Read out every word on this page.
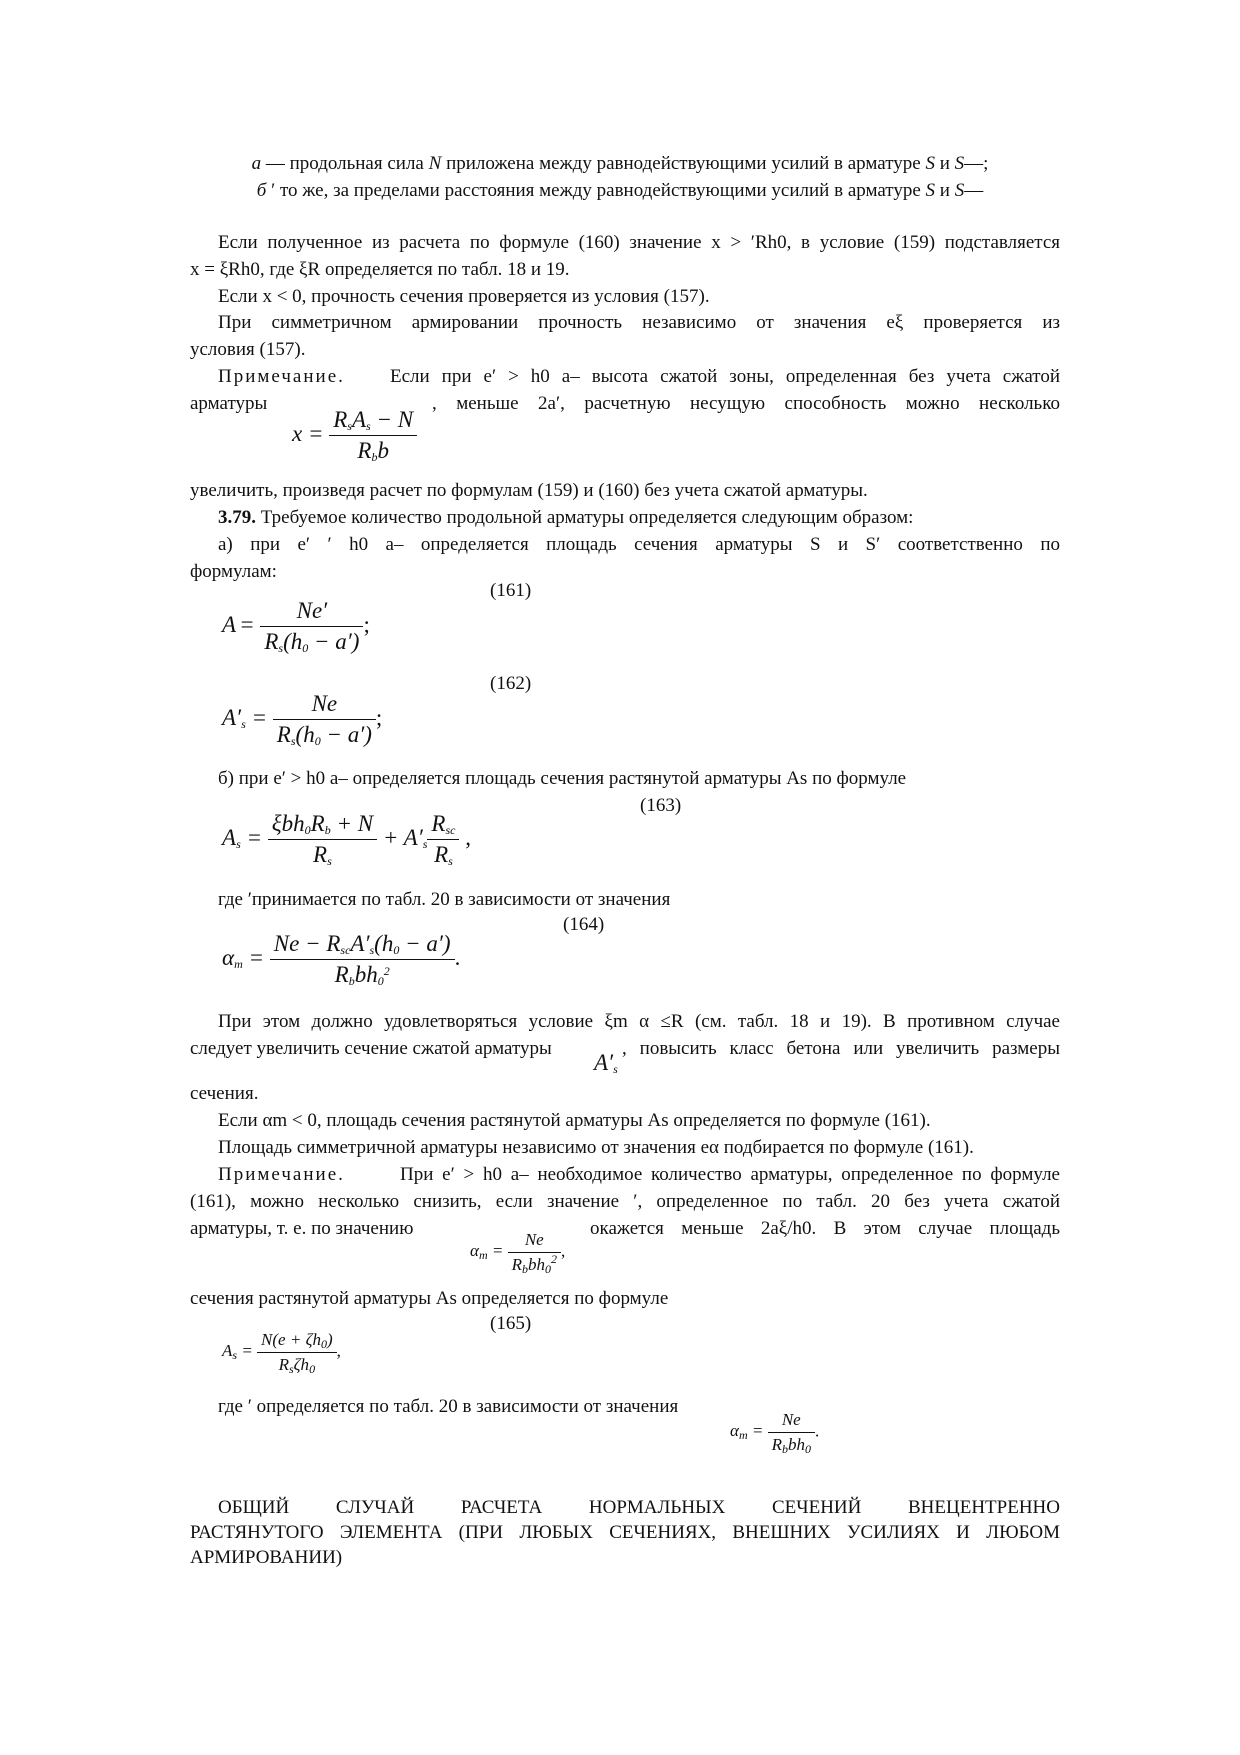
а — продольная сила N приложена между равнодействующими усилий в арматуре S и S—;
б ′ то же, за пределами расстояния между равнодействующими усилий в арматуре S и S—
Если полученное из расчета по формуле (160) значение x > ′Rh0, в условие (159) подставляется
x = ξRh0, где ξR определяется по табл. 18 и 19.
Если x < 0, прочность сечения проверяется из условия (157).
При симметричном армировании прочность независимо от значения eξ проверяется из
условия (157).
Примечание. Если при e′ > h0 a– высота сжатой зоны, определенная без учета сжатой
арматуры	, меньше 2a′, расчетную несущую способность можно несколько
$x = \frac{R_sA_s - N}{R_bb}$
увеличить, произведя расчет по формулам (159) и (160) без учета сжатой арматуры.
3.79. Требуемое количество продольной арматуры определяется следующим образом:
а) при e′ ′ h0 a– определяется площадь сечения арматуры S и S′ соответственно по
формулам:
(161)
$A = \frac{Ne'}{R_s(h_0 - a')}$ ;
(162)
$A'_s = \frac{Ne}{R_s(h_0 - a')}$ ;
б) при e′ > h0 a– определяется площадь сечения растянутой арматуры As по формуле
(163)
$A_s = \frac{\xi bh_0R_b + N}{R_s} + A'_s \frac{R_{sc}}{R_s}$ ,
где ′принимается по табл. 20 в зависимости от значения
(164)
$\alpha_m = \frac{Ne - R_{sc}A'_s(h_0 - a')}{R_bbh_0^2}$ .
При этом должно удовлетворяться условие ξm α ≤R (см. табл. 18 и 19). В противном случае
следует увеличить сечение сжатой арматуры
$A'_s$
, повысить класс бетона или увеличить размеры
сечения.
Если αm < 0, площадь сечения растянутой арматуры As определяется по формуле (161).
Площадь симметричной арматуры независимо от значения eα подбирается по формуле (161).
Примечание.	При e′ > h0 a– необходимое количество арматуры, определенное по формуле
(161), можно несколько снизить, если значение ′, определенное по табл. 20 без учета сжатой
арматуры, т. е. по значению	окажется меньше 2aξ/h0. В этом случае площадь
$\alpha_m = \frac{Ne}{R_bbh_0^2}$ ,
сечения растянутой арматуры As определяется по формуле
(165)
$A_s = \frac{N(e + \zeta h_0)}{R_s\zeta h_0}$ ,
где ′ определяется по табл. 20 в зависимости от значения
$\alpha_m = \frac{Ne}{R_bbh_0}$ .
ОБЩИЙ СЛУЧАЙ РАСЧЕТА НОРМАЛЬНЫХ СЕЧЕНИЙ ВНЕЦЕНТРЕННО
РАСТЯНУТОГО ЭЛЕМЕНТА (ПРИ ЛЮБЫХ СЕЧЕНИЯХ, ВНЕШНИХ УСИЛИЯХ И ЛЮБОМ
АРМИРОВАНИИ)
